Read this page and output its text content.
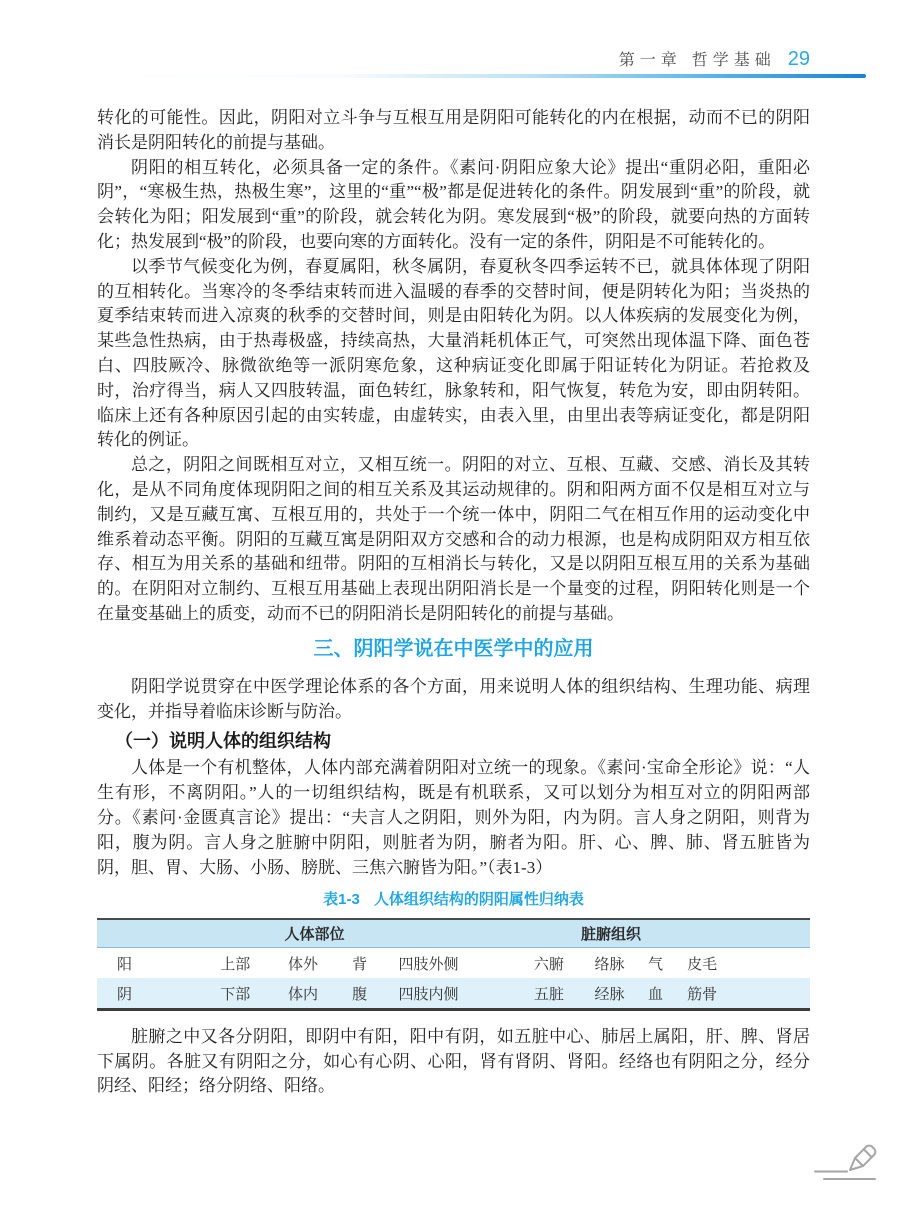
第一章 哲学基础 29

转化的可能性。因此，阴阳对立斗争与互根互用是阴阳可能转化的内在根据，动而不已的阴阳消长是阴阳转化的前提与基础。

阴阳的相互转化，必须具备一定的条件。《素问·阴阳应象大论》提出“重阴必阳，重阳必阴”，“寒极生热，热极生寒”，这里的“重”“极”都是促进转化的条件。阴发展到“重”的阶段，就会转化为阳；阳发展到“重”的阶段，就会转化为阴。寒发展到“极”的阶段，就要向热的方面转化；热发展到“极”的阶段，也要向寒的方面转化。没有一定的条件，阴阳是不可能转化的。

以季节气候变化为例，春夏属阳，秋冬属阴，春夏秋冬四季运转不已，就具体体现了阴阳的互相转化。当寒冷的冬季结束转而进入温暖的春季的交替时间，便是阴转化为阳；当炎热的夏季结束转而进入凉爽的秋季的交替时间，则是由阳转化为阴。以人体疾病的发展变化为例，某些急性热病，由于热毒极盛，持续高热，大量消耗机体正气，可突然出现体温下降、面色苍白、四肢厥冷、脉微欲绝等一派阴寒危象，这种病证变化即属于阳证转化为阴证。若抢救及时，治疗得当，病人又四肢转温，面色转红，脉象转和，阳气恢复，转危为安，即由阴转阳。临床上还有各种原因引起的由实转虚，由虚转实，由表入里，由里出表等病证变化，都是阴阳转化的例证。

总之，阴阳之间既相互对立，又相互统一。阴阳的对立、互根、互藏、交感、消长及其转化，是从不同角度体现阴阳之间的相互关系及其运动规律的。阴和阳两方面不仅是相互对立与制约，又是互藏互寓、互根互用的，共处于一个统一体中，阴阳二气在相互作用的运动变化中维系着动态平衡。阴阳的互藏互寓是阴阳双方交感和合的动力根源，也是构成阴阳双方相互依存、相互为用关系的基础和纽带。阴阳的互相消长与转化，又是以阴阳互根互用的关系为基础的。在阴阳对立制约、互根互用基础上表现出阴阳消长是一个量变的过程，阴阳转化则是一个在量变基础上的质变，动而不已的阴阳消长是阴阳转化的前提与基础。

三、阴阳学说在中医学中的应用

阴阳学说贯穿在中医学理论体系的各个方面，用来说明人体的组织结构、生理功能、病理变化，并指导着临床诊断与防治。

（一）说明人体的组织结构

人体是一个有机整体，人体内部充满着阴阳对立统一的现象。《素问·宝命全形论》说：“人生有形，不离阴阳。”人的一切组织结构，既是有机联系，又可以划分为相互对立的阴阳两部分。《素问·金匮真言论》提出：“夫言人之阴阳，则外为阳，内为阴。言人身之阴阳，则背为阳，腹为阴。言人身之脏腑中阴阳，则脏者为阴，腑者为阳。肝、心、脾、肺、肾五脏皆为阴，胆、胃、大肠、小肠、膀胱、三焦六腑皆为阳。”（表1-3）

表1-3 人体组织结构的阴阳属性归纳表
人体部位					脏腑组织			
阳	上部	体外	背	四肢外侧	六腑	络脉	气	皮毛
阴	下部	体内	腹	四肢内侧	五脏	经脉	血	筋骨

脏腑之中又各分阴阳，即阴中有阳，阳中有阴，如五脏中心、肺居上属阳，肝、脾、肾居下属阴。各脏又有阴阳之分，如心有心阴、心阳，肾有肾阴、肾阳。经络也有阴阳之分，经分阴经、阳经；络分阴络、阳络。
